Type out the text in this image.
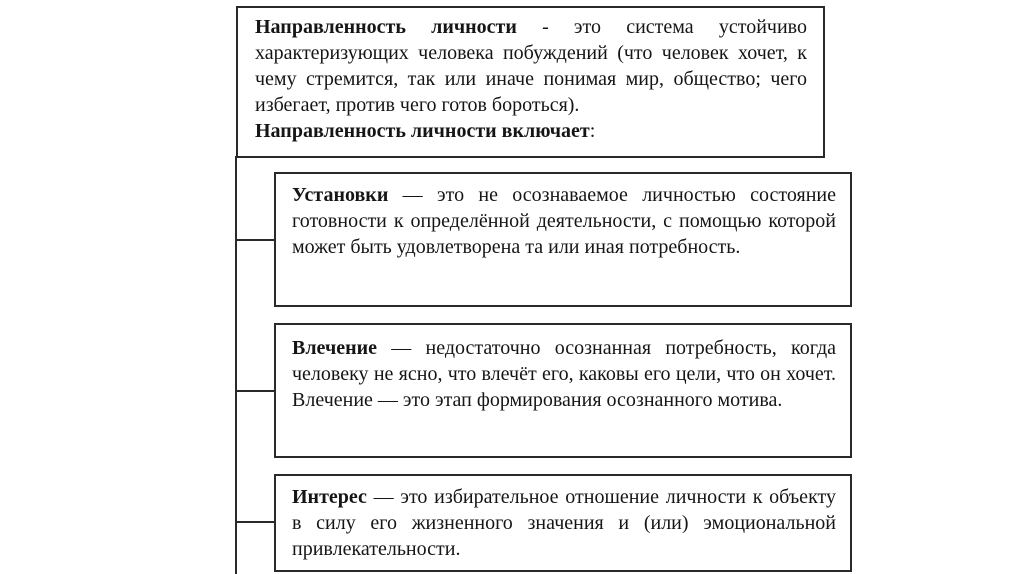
Направленность личности - это система устойчиво характеризующих человека побуждений (что человек хочет, к чему стремится, так или иначе понимая мир, общество; чего избегает, против чего готов бороться).

Направленность личности включает:

Установки — это не осознаваемое личностью состояние готовности к определённой деятельности, с помощью которой может быть удовлетворена та или иная потребность.

Влечение — недостаточно осознанная потребность, когда человеку не ясно, что влечёт его, каковы его цели, что он хочет. Влечение — это этап формирования осознанного мотива.

Интерес — это избирательное отношение личности к объекту в силу его жизненного значения и (или) эмоциональной привлекательности.
